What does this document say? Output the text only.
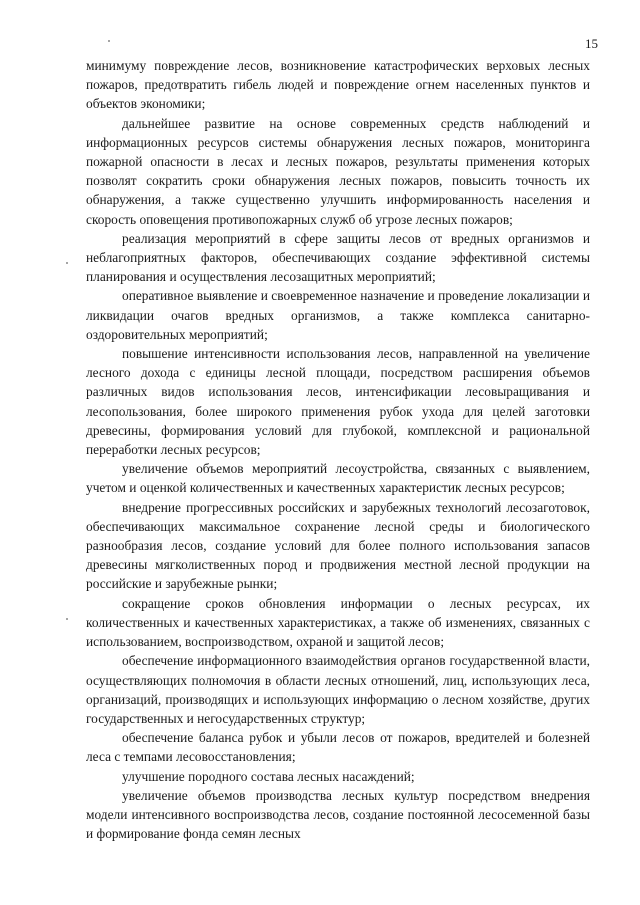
15

минимуму повреждение лесов, возникновение катастрофических верховых лесных пожаров, предотвратить гибель людей и повреждение огнем населенных пунктов и объектов экономики;

дальнейшее развитие на основе современных средств наблюдений и информационных ресурсов системы обнаружения лесных пожаров, мониторинга пожарной опасности в лесах и лесных пожаров, результаты применения которых позволят сократить сроки обнаружения лесных пожаров, повысить точность их обнаружения, а также существенно улучшить информированность населения и скорость оповещения противопожарных служб об угрозе лесных пожаров;

реализация мероприятий в сфере защиты лесов от вредных организмов и неблагоприятных факторов, обеспечивающих создание эффективной системы планирования и осуществления лесозащитных мероприятий;

оперативное выявление и своевременное назначение и проведение локализации и ликвидации очагов вредных организмов, а также комплекса санитарно-оздоровительных мероприятий;

повышение интенсивности использования лесов, направленной на увеличение лесного дохода с единицы лесной площади, посредством расширения объемов различных видов использования лесов, интенсификации лесовыращивания и лесопользования, более широкого применения рубок ухода для целей заготовки древесины, формирования условий для глубокой, комплексной и рациональной переработки лесных ресурсов;

увеличение объемов мероприятий лесоустройства, связанных с выявлением, учетом и оценкой количественных и качественных характеристик лесных ресурсов;

внедрение прогрессивных российских и зарубежных технологий лесозаготовок, обеспечивающих максимальное сохранение лесной среды и биологического разнообразия лесов, создание условий для более полного использования запасов древесины мягколиственных пород и продвижения местной лесной продукции на российские и зарубежные рынки;

сокращение сроков обновления информации о лесных ресурсах, их количественных и качественных характеристиках, а также об изменениях, связанных с использованием, воспроизводством, охраной и защитой лесов;

обеспечение информационного взаимодействия органов государственной власти, осуществляющих полномочия в области лесных отношений, лиц, использующих леса, организаций, производящих и использующих информацию о лесном хозяйстве, других государственных и негосударственных структур;

обеспечение баланса рубок и убыли лесов от пожаров, вредителей и болезней леса с темпами лесовосстановления;

улучшение породного состава лесных насаждений;

увеличение объемов производства лесных культур посредством внедрения модели интенсивного воспроизводства лесов, создание постоянной лесосеменной базы и формирование фонда семян лесных
